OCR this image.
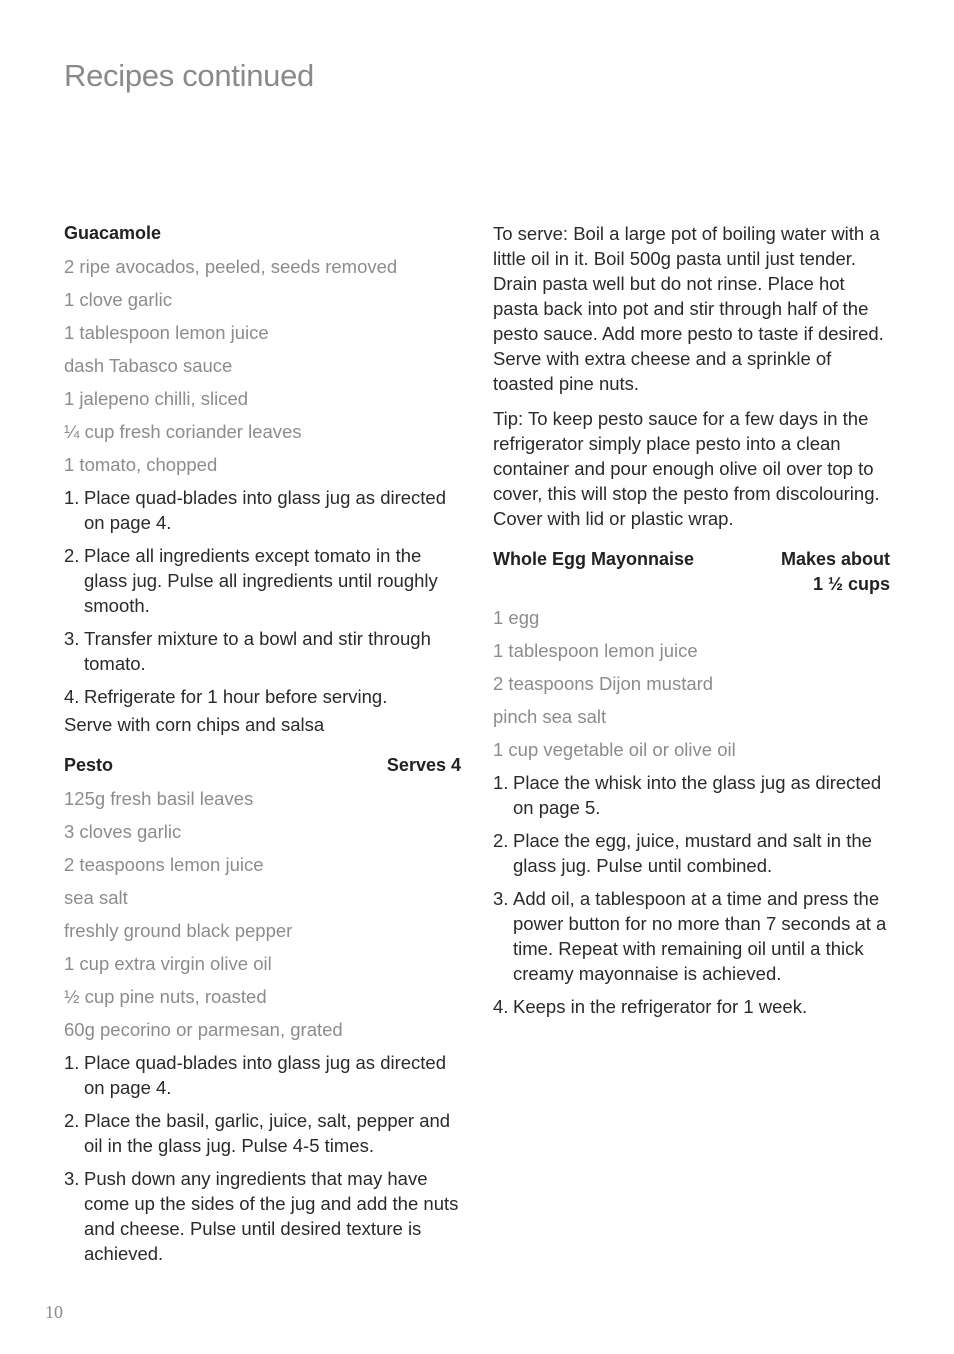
Recipes continued
Guacamole
2 ripe avocados, peeled, seeds removed
1 clove garlic
1 tablespoon lemon juice
dash Tabasco sauce
1 jalepeno chilli, sliced
¼ cup fresh coriander leaves
1 tomato, chopped
1. Place quad-blades into glass jug as directed on page 4.
2. Place all ingredients except tomato in the glass jug. Pulse all ingredients until roughly smooth.
3. Transfer mixture to a bowl and stir through tomato.
4. Refrigerate for 1 hour before serving.
Serve with corn chips and salsa
Pesto	Serves 4
125g fresh basil leaves
3 cloves garlic
2 teaspoons lemon juice
sea salt
freshly ground black pepper
1 cup extra virgin olive oil
½ cup pine nuts, roasted
60g pecorino or parmesan, grated
1. Place quad-blades into glass jug as directed on page 4.
2. Place the basil, garlic, juice, salt, pepper and oil in the glass jug. Pulse 4-5 times.
3. Push down any ingredients that may have come up the sides of the jug and add the nuts and cheese. Pulse until desired texture is achieved.

To serve: Boil a large pot of boiling water with a little oil in it. Boil 500g pasta until just tender. Drain pasta well but do not rinse. Place hot pasta back into pot and stir through half of the pesto sauce. Add more pesto to taste if desired. Serve with extra cheese and a sprinkle of toasted pine nuts.

Tip: To keep pesto sauce for a few days in the refrigerator simply place pesto into a clean container and pour enough olive oil over top to cover, this will stop the pesto from discolouring. Cover with lid or plastic wrap.

Whole Egg Mayonnaise	Makes about
1 ½ cups
1 egg
1 tablespoon lemon juice
2 teaspoons Dijon mustard
pinch sea salt
1 cup vegetable oil or olive oil
1. Place the whisk into the glass jug as directed on page 5.
2. Place the egg, juice, mustard and salt in the glass jug. Pulse until combined.
3. Add oil, a tablespoon at a time and press the power button for no more than 7 seconds at a time. Repeat with remaining oil until a thick creamy mayonnaise is achieved.
4. Keeps in the refrigerator for 1 week.
10
